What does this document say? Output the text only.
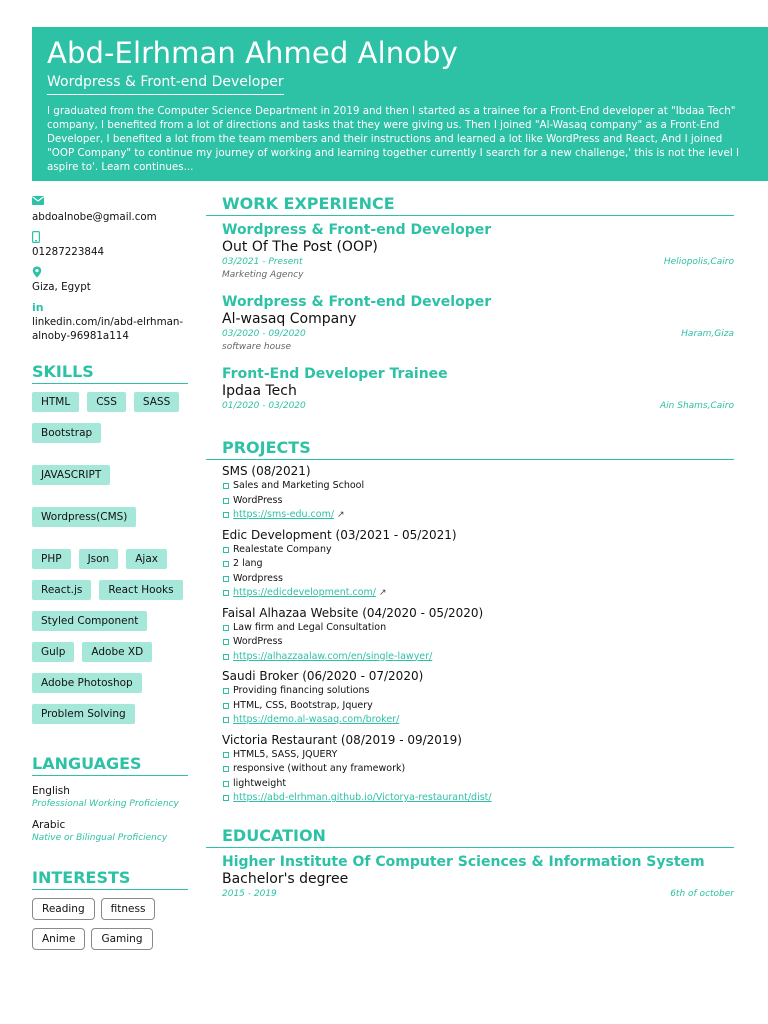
Abd-Elrhman Ahmed Alnoby
Wordpress & Front-end Developer
I graduated from the Computer Science Department in 2019 and then I started as a trainee for a Front-End developer at "Ibdaa Tech" company, I benefited from a lot of directions and tasks that they were giving us. Then I joined "Al-Wasaq company" as a Front-End Developer, I benefited a lot from the team members and their instructions and learned a lot like WordPress and React, And I joined "OOP Company" to continue my journey of working and learning together currently I search for a new challenge,' this is not the level I aspire to'. Learn continues...
abdoalnobe@gmail.com
01287223844
Giza, Egypt
in
linkedin.com/in/abd-elrhman-alnoby-96981a114
SKILLS
HTML	CSS	SASS
Bootstrap
JAVASCRIPT
Wordpress(CMS)
PHP	Json	Ajax
React.js	React Hooks
Styled Component
Gulp	Adobe XD
Adobe Photoshop
Problem Solving
LANGUAGES
English
Professional Working Proficiency
Arabic
Native or Bilingual Proficiency
INTERESTS
Reading	fitness
Anime	Gaming
WORK EXPERIENCE
Wordpress & Front-end Developer
Out Of The Post (OOP)
03/2021 - Present	Heliopolis,Cairo
Marketing Agency
Wordpress & Front-end Developer
Al-wasaq Company
03/2020 - 09/2020	Haram,Giza
software house
Front-End Developer Trainee
Ipdaa Tech
01/2020 - 03/2020	Ain Shams,Cairo
PROJECTS
SMS (08/2021)
Sales and Marketing School
WordPress
https://sms-edu.com/ ↗
Edic Development (03/2021 - 05/2021)
Realestate Company
2 lang
Wordpress
https://edicdevelopment.com/ ↗
Faisal Alhazaa Website (04/2020 - 05/2020)
Law firm and Legal Consultation
WordPress
https://alhazzaalaw.com/en/single-lawyer/
Saudi Broker (06/2020 - 07/2020)
Providing financing solutions
HTML, CSS, Bootstrap, Jquery
https://demo.al-wasaq.com/broker/
Victoria Restaurant (08/2019 - 09/2019)
HTML5, SASS, JQUERY
responsive (without any framework)
lightweight
https://abd-elrhman.github.io/Victorya-restaurant/dist/
EDUCATION
Higher Institute Of Computer Sciences & Information System
Bachelor's degree
2015 - 2019	6th of october
